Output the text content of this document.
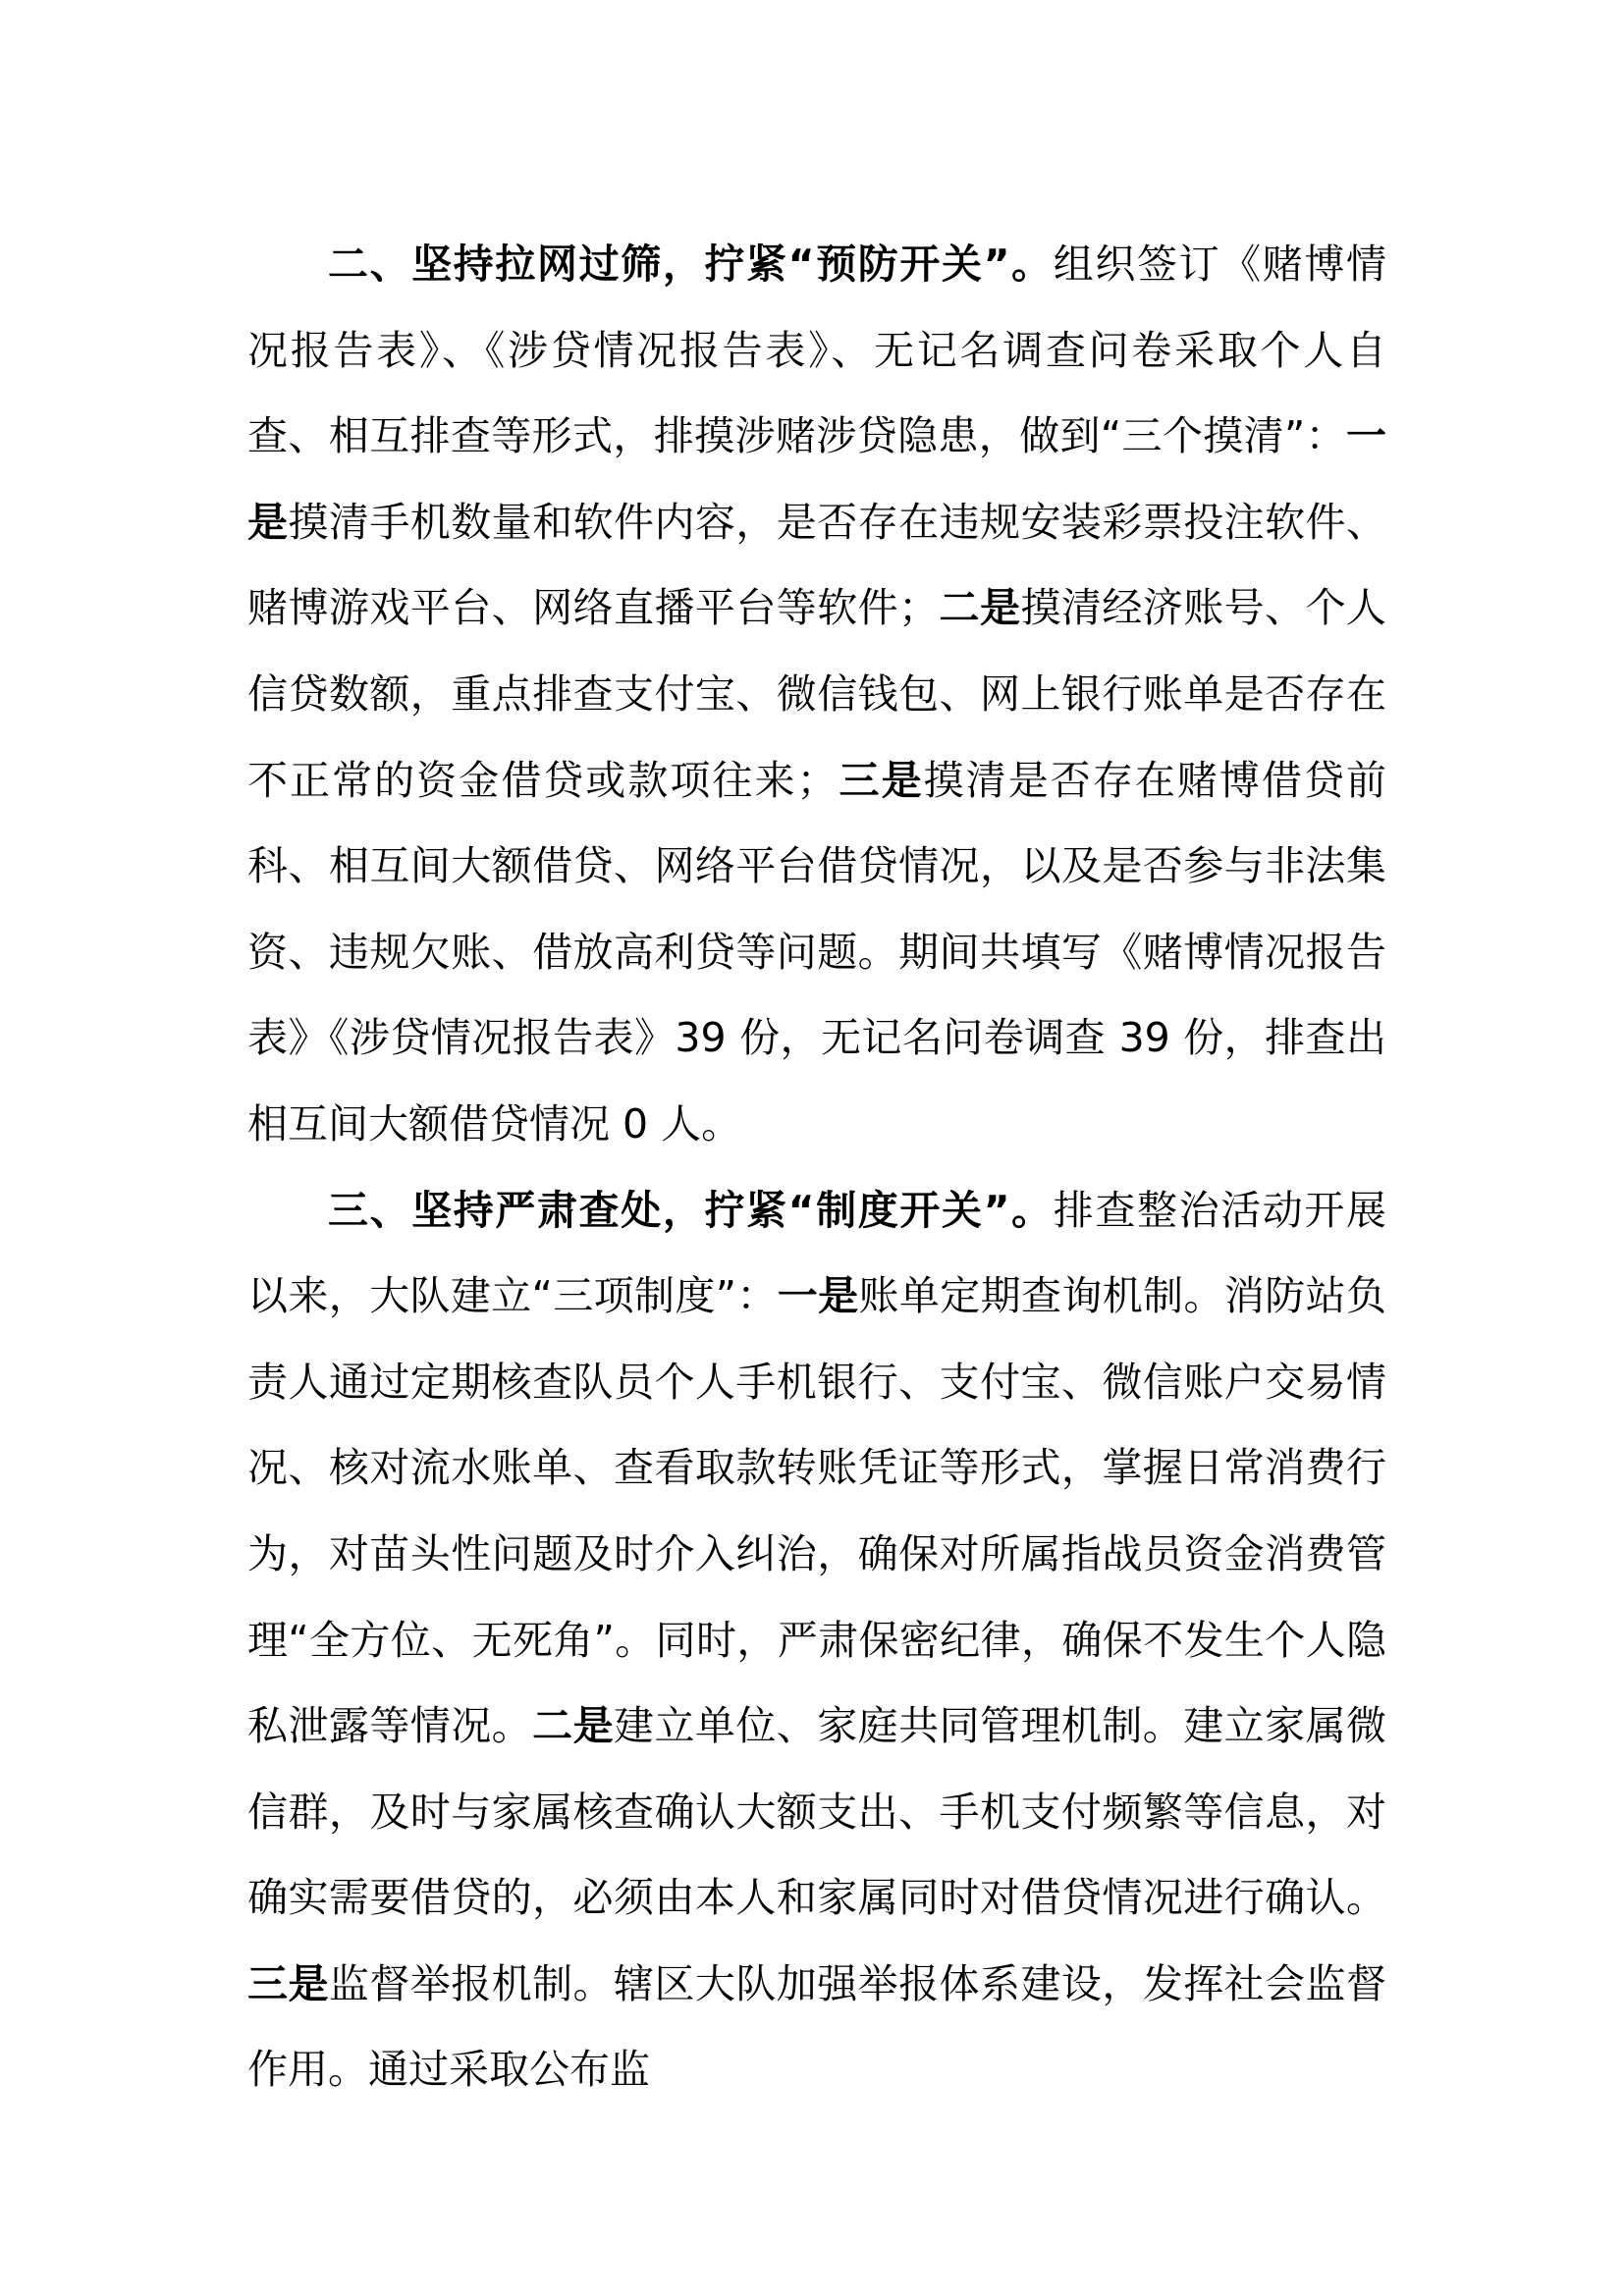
二、坚持拉网过筛，拧紧“预防开关”。组织签订《赌博情况报告表》、《涉贷情况报告表》、无记名调查问卷采取个人自查、相互排查等形式，排摸涉赌涉贷隐患，做到“三个摸清”：一是摸清手机数量和软件内容，是否存在违规安装彩票投注软件、赌博游戏平台、网络直播平台等软件；二是摸清经济账号、个人信贷数额，重点排查支付宝、微信钱包、网上银行账单是否存在不正常的资金借贷或款项往来；三是摸清是否存在赌博借贷前科、相互间大额借贷、网络平台借贷情况，以及是否参与非法集资、违规欠账、借放高利贷等问题。期间共填写《赌博情况报告表》《涉贷情况报告表》39 份，无记名问卷调查 39 份，排查出相互间大额借贷情况 0 人。

三、坚持严肃查处，拧紧“制度开关”。排查整治活动开展以来，大队建立“三项制度”：一是账单定期查询机制。消防站负责人通过定期核查队员个人手机银行、支付宝、微信账户交易情况、核对流水账单、查看取款转账凭证等形式，掌握日常消费行为，对苗头性问题及时介入纠治，确保对所属指战员资金消费管理“全方位、无死角”。同时，严肃保密纪律，确保不发生个人隐私泄露等情况。二是建立单位、家庭共同管理机制。建立家属微信群，及时与家属核查确认大额支出、手机支付频繁等信息，对确实需要借贷的，必须由本人和家属同时对借贷情况进行确认。三是监督举报机制。辖区大队加强举报体系建设，发挥社会监督作用。通过采取公布监
